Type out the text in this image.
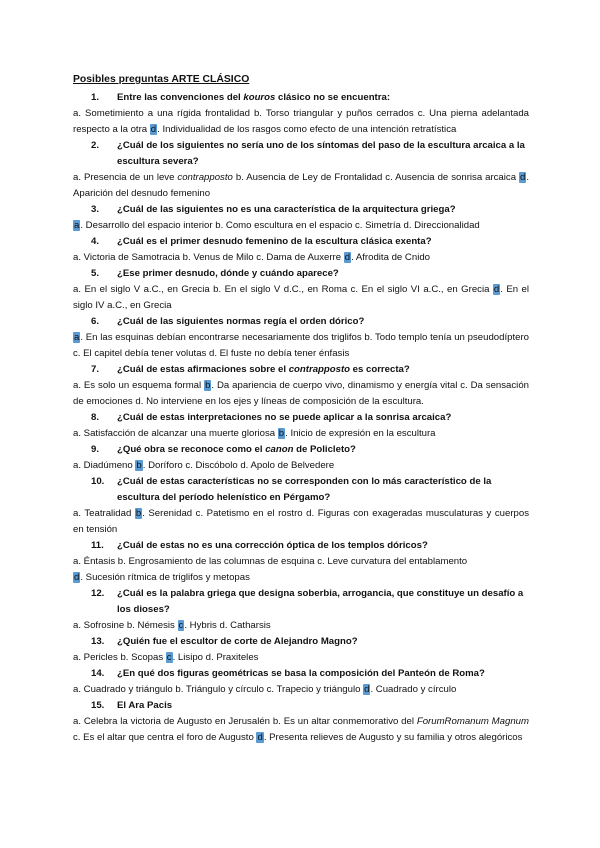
Posibles preguntas ARTE CLÁSICO
1.	Entre las convenciones del kouros clásico no se encuentra:
a. Sometimiento a una rígida frontalidad b. Torso triangular y puños cerrados c. Una pierna adelantada respecto a la otra d. Individualidad de los rasgos como efecto de una intención retratística
2.	¿Cuál de los siguientes no sería uno de los síntomas del paso de la escultura arcaica a la escultura severa?
a. Presencia de un leve contrapposto b. Ausencia de Ley de Frontalidad c. Ausencia de sonrisa arcaica d. Aparición del desnudo femenino
3.	¿Cuál de las siguientes no es una característica de la arquitectura griega?
a. Desarrollo del espacio interior b. Como escultura en el espacio c. Simetría d. Direccionalidad
4.	¿Cuál es el primer desnudo femenino de la escultura clásica exenta?
a. Victoria de Samotracia b. Venus de Milo c. Dama de Auxerre d. Afrodita de Cnido
5.	¿Ese primer desnudo, dónde y cuándo aparece?
a. En el siglo V a.C., en Grecia b. En el siglo V d.C., en Roma c. En el siglo VI a.C., en Grecia d. En el siglo IV a.C., en Grecia
6.	¿Cuál de las siguientes normas regía el orden dórico?
a. En las esquinas debían encontrarse necesariamente dos triglifos b. Todo templo tenía un pseudodíptero c. El capitel debía tener volutas d. El fuste no debía tener énfasis
7.	¿Cuál de estas afirmaciones sobre el contrapposto es correcta?
a. Es solo un esquema formal b. Da apariencia de cuerpo vivo, dinamismo y energía vital c. Da sensación de emociones d. No interviene en los ejes y líneas de composición de la escultura.
8.	¿Cuál de estas interpretaciones no se puede aplicar a la sonrisa arcaica?
a. Satisfacción de alcanzar una muerte gloriosa b. Inicio de expresión en la escultura
9.	¿Qué obra se reconoce como el canon de Policleto?
a. Diadúmeno b. Doríforo c. Discóbolo d. Apolo de Belvedere
10.	¿Cuál de estas características no se corresponden con lo más característico de la escultura del período helenístico en Pérgamo?
a. Teatralidad b. Serenidad c. Patetismo en el rostro d. Figuras con exageradas musculaturas y cuerpos en tensión
11.	¿Cuál de estas no es una corrección óptica de los templos dóricos?
a. Éntasis b. Engrosamiento de las columnas de esquina c. Leve curvatura del entablamento
d. Sucesión rítmica de triglifos y metopas
12.	¿Cuál es la palabra griega que designa soberbia, arrogancia, que constituye un desafío a los dioses?
a. Sofrosine b. Némesis c. Hybris d. Catharsis
13.	¿Quién fue el escultor de corte de Alejandro Magno?
a. Pericles b. Scopas c. Lisipo d. Praxiteles
14.	¿En qué dos figuras geométricas se basa la composición del Panteón de Roma?
a. Cuadrado y triángulo b. Triángulo y círculo c. Trapecio y triángulo d. Cuadrado y círculo
15.	El Ara Pacis
a. Celebra la victoria de Augusto en Jerusalén b. Es un altar conmemorativo del ForumRomanum Magnum c. Es el altar que centra el foro de Augusto d. Presenta relieves de Augusto y su familia y otros alegóricos
